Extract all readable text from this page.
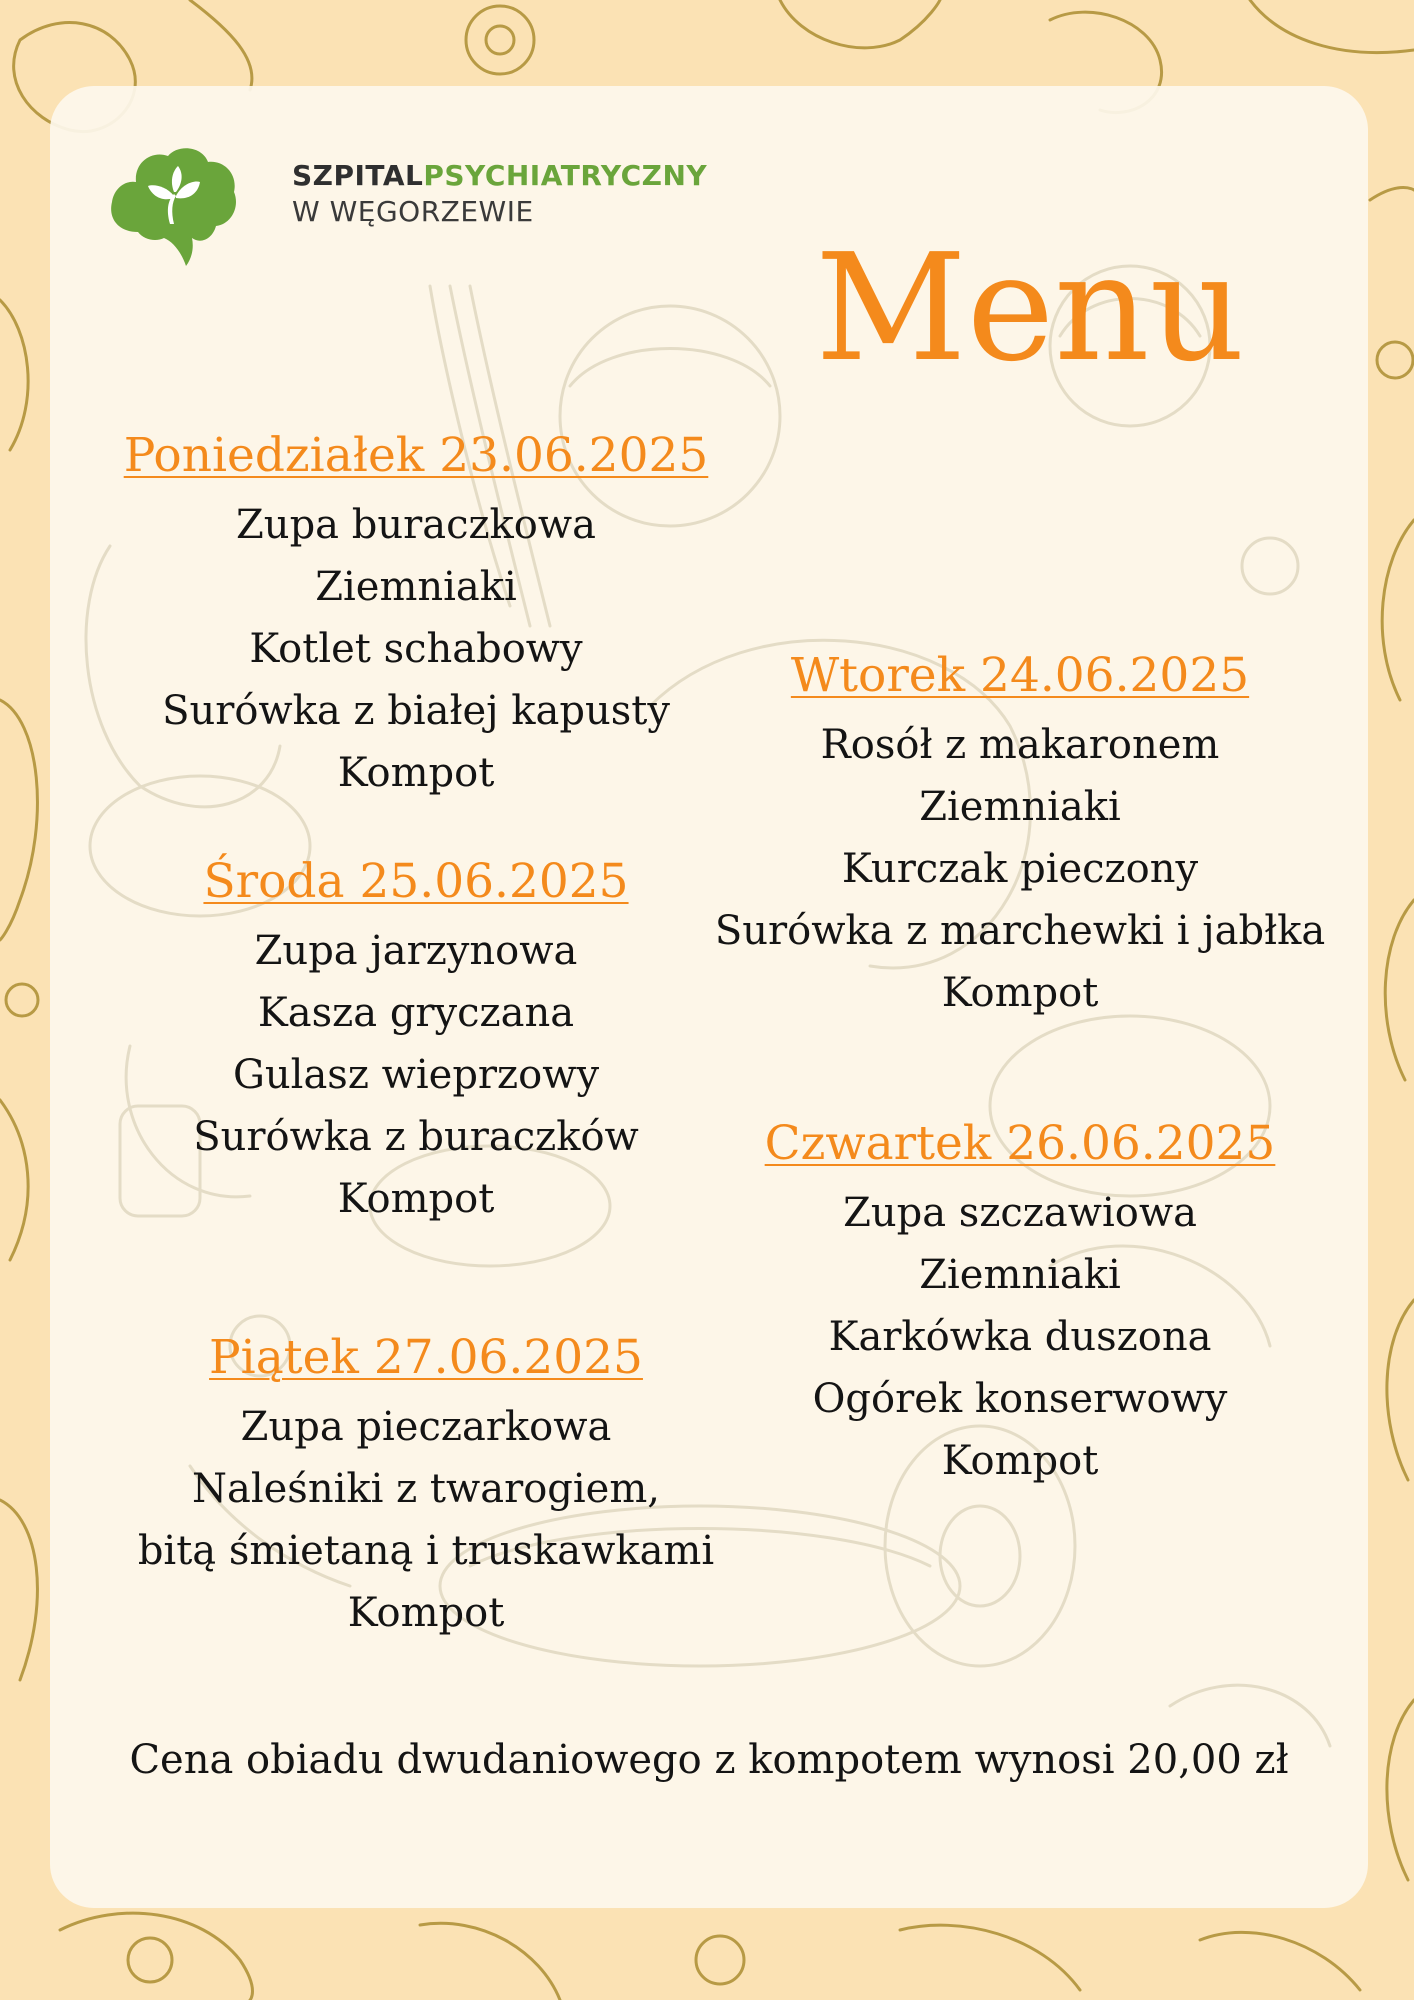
SZPITALPSYCHIATRYCZNY
W WĘGORZEWIE
Menu
Poniedziałek 23.06.2025
Zupa buraczkowa
Ziemniaki
Kotlet schabowy
Surówka z białej kapusty
Kompot
Wtorek 24.06.2025
Rosół z makaronem
Ziemniaki
Kurczak pieczony
Surówka z marchewki i jabłka
Kompot
Środa 25.06.2025
Zupa jarzynowa
Kasza gryczana
Gulasz wieprzowy
Surówka z buraczków
Kompot
Czwartek 26.06.2025
Zupa szczawiowa
Ziemniaki
Karkówka duszona
Ogórek konserwowy
Kompot
Piątek 27.06.2025
Zupa pieczarkowa
Naleśniki z twarogiem,
bitą śmietaną i truskawkami
Kompot
Cena obiadu dwudaniowego z kompotem wynosi 20,00 zł
